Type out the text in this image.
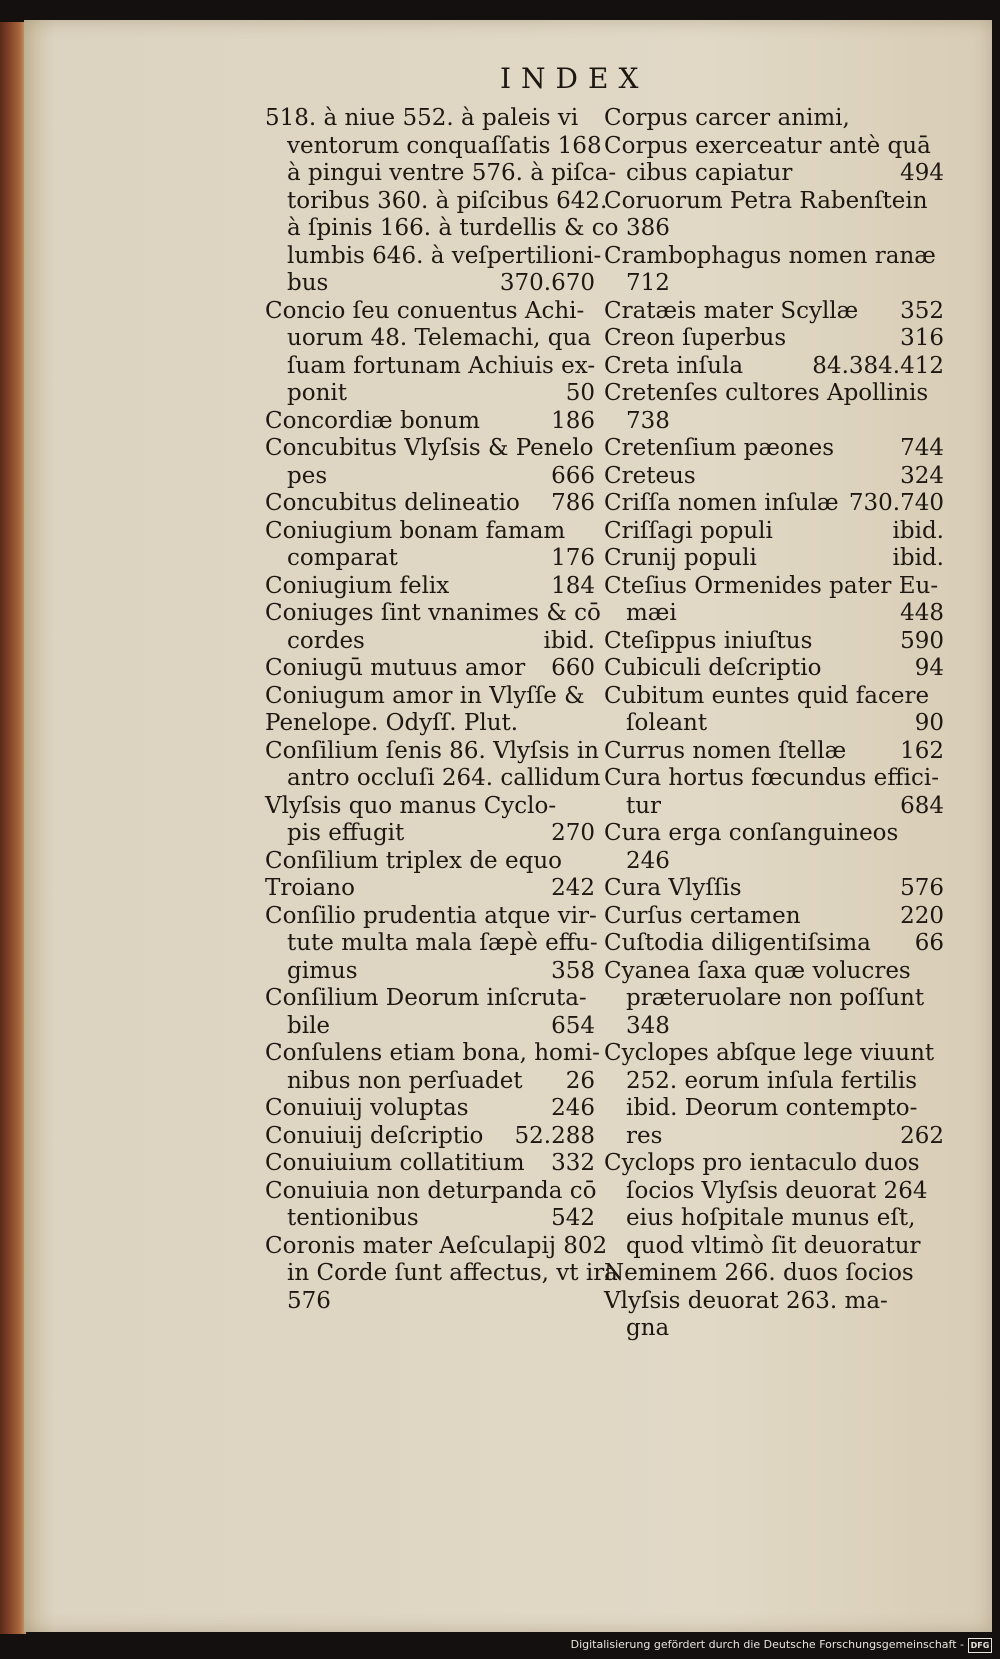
INDEX
518. à niue 552. à paleis vi
ventorum conquaſſatis 168
à pingui ventre 576. à piſca-
toribus 360. à piſcibus 642.
à ſpinis 166. à turdellis & co
lumbis 646. à veſpertilioni-
bus	370.670
Concio ſeu conuentus Achi-
uorum 48. Telemachi, qua
ſuam fortunam Achiuis ex-
ponit	50
Concordiæ bonum	186
Concubitus Vlyſsis & Penelo
pes	666
Concubitus delineatio 786
Coniugium bonam famam
comparat	176
Coniugium felix	184
Coniuges ſint vnanimes & cō
cordes	ibid.
Coniugū mutuus amor 660
Coniugum amor in Vlyſſe &
Penelope. Odyſſ. Plut.
Conſilium ſenis 86. Vlyſsis in
antro occluſi 264. callidum
Vlyſsis quo manus Cyclo-
pis effugit	270
Conſilium triplex de equo
Troiano	242
Conſilio prudentia atque vir-
tute multa mala ſæpè effu-
gimus	358
Conſilium Deorum inſcruta-
bile	654
Conſulens etiam bona, homi-
nibus non perſuadet 26
Conuiuij voluptas	246
Conuiuij deſcriptio 52.288
Conuiuium collatitium 332
Conuiuia non deturpanda cō
tentionibus	542
Coronis mater Aeſculapij 802
in Corde ſunt affectus, vt ira
576
Corpus carcer animi,
Corpus exerceatur antè quā
cibus capiatur	494
Coruorum Petra Rabenſtein
386
Crambophagus nomen ranæ
712
Cratæis mater Scyllæ 352
Creon ſuperbus	316
Creta inſula	84.384.412
Cretenſes cultores Apollinis
738
Cretenſium pæones	744
Creteus	324
Criſſa nomen inſulæ 730.740
Criſſagi populi	ibid.
Crunij populi	ibid.
Cteſius Ormenides pater Eu-
mæi	448
Cteſippus iniuſtus	590
Cubiculi deſcriptio	94
Cubitum euntes quid facere
ſoleant	90
Currus nomen ſtellæ 162
Cura hortus fœcundus effici-
tur	684
Cura erga conſanguineos
246
Cura Vlyſſis	576
Curſus certamen	220
Cuſtodia diligentiſsima 66
Cyanea ſaxa quæ volucres
præteruolare non poſſunt
348
Cyclopes abſque lege viuunt
252. eorum inſula fertilis
ibid. Deorum contempto-
res	262
Cyclops pro ientaculo duos
ſocios Vlyſsis deuorat 264
eius hoſpitale munus eſt,
quod vltimò ſit deuoratur
Neminem 266. duos ſocios
Vlyſsis deuorat 263. ma-
gna
Digitalisierung gefördert durch die Deutsche Forschungsgemeinschaft - DFG
